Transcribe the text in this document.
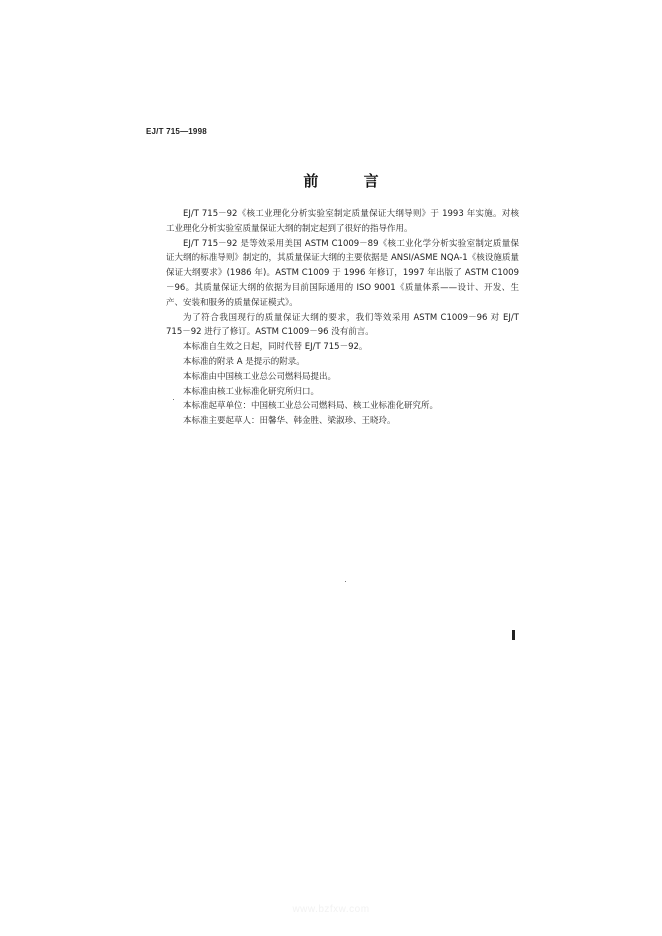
EJ/T 715—1998
前 言

EJ/T 715－92《核工业理化分析实验室制定质量保证大纲导则》于 1993 年实施。对核工业理化分析实验室质量保证大纲的制定起到了很好的指导作用。

EJ/T 715－92 是等效采用美国 ASTM C1009－89《核工业化学分析实验室制定质量保证大纲的标准导则》制定的，其质量保证大纲的主要依据是 ANSI/ASME NQA-1《核设施质量保证大纲要求》(1986 年)。ASTM C1009 于 1996 年修订，1997 年出版了 ASTM C1009－96。其质量保证大纲的依据为目前国际通用的 ISO 9001《质量体系——设计、开发、生产、安装和服务的质量保证模式》。

为了符合我国现行的质量保证大纲的要求，我们等效采用 ASTM C1009－96 对 EJ/T 715－92 进行了修订。ASTM C1009－96 没有前言。

本标准自生效之日起，同时代替 EJ/T 715－92。

本标准的附录 A 是提示的附录。

本标准由中国核工业总公司燃料局提出。

本标准由核工业标准化研究所归口。

本标准起草单位：中国核工业总公司燃料局、核工业标准化研究所。

本标准主要起草人：田馨华、韩金胜、梁淑珍、王晓玲。

www.bzfxw.com
